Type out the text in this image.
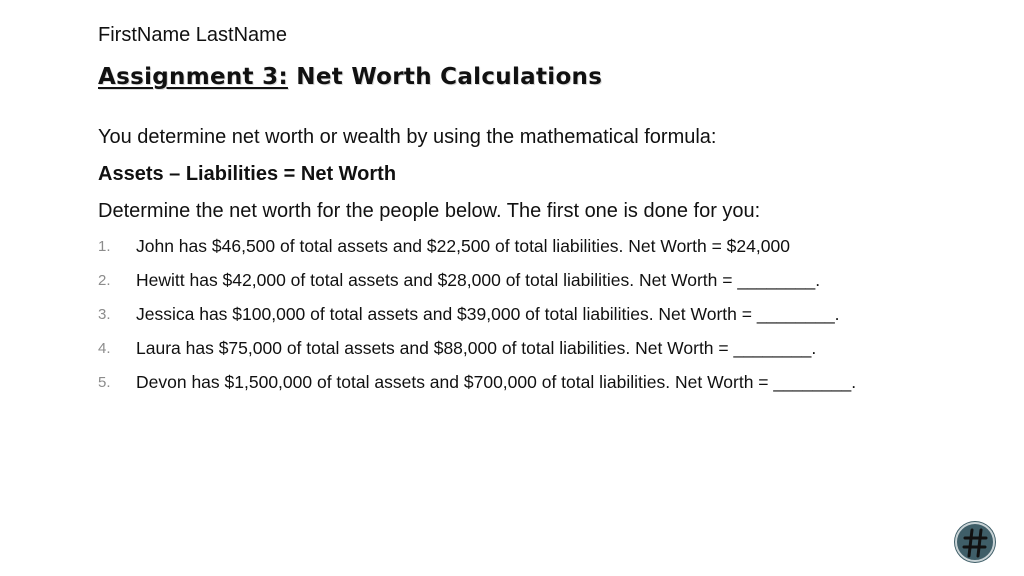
FirstName LastName
Assignment 3: Net Worth Calculations
You determine net worth or wealth by using the mathematical formula:
Assets – Liabilities = Net Worth
Determine the net worth for the people below. The first one is done for you:
1.	John has $46,500 of total assets and $22,500 of total liabilities. Net Worth = $24,000
2.	Hewitt has $42,000 of total assets and $28,000 of total liabilities. Net Worth = ________.
3.	Jessica has $100,000 of total assets and $39,000 of total liabilities. Net Worth = ________.
4.	Laura has $75,000 of total assets and $88,000 of total liabilities. Net Worth = ________.
5.	Devon has $1,500,000 of total assets and $700,000 of total liabilities. Net Worth = ________.
